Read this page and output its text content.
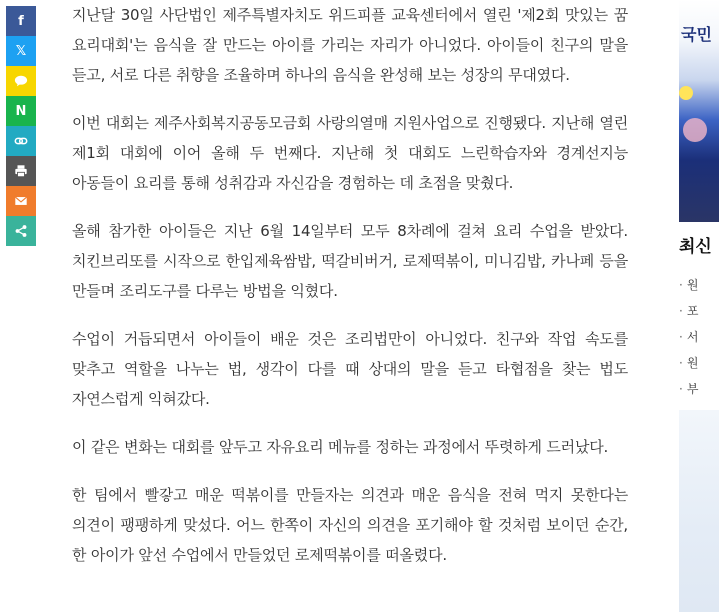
f
𝕏
N

지난달 30일 사단법인 제주특별자치도 위드피플 교육센터에서 열린 '제2회 맛있는 꿈 요리대회'는 음식을 잘 만드는 아이를 가리는 자리가 아니었다. 아이들이 친구의 말을 듣고, 서로 다른 취향을 조율하며 하나의 음식을 완성해 보는 성장의 무대였다.

이번 대회는 제주사회복지공동모금회 사랑의열매 지원사업으로 진행됐다. 지난해 열린 제1회 대회에 이어 올해 두 번째다. 지난해 첫 대회도 느린학습자와 경계선지능 아동들이 요리를 통해 성취감과 자신감을 경험하는 데 초점을 맞췄다.

올해 참가한 아이들은 지난 6월 14일부터 모두 8차례에 걸쳐 요리 수업을 받았다. 치킨브리또를 시작으로 한입제육쌈밥, 떡갈비버거, 로제떡볶이, 미니김밥, 카나페 등을 만들며 조리도구를 다루는 방법을 익혔다.

수업이 거듭되면서 아이들이 배운 것은 조리법만이 아니었다. 친구와 작업 속도를 맞추고 역할을 나누는 법, 생각이 다를 때 상대의 말을 듣고 타협점을 찾는 법도 자연스럽게 익혀갔다.

이 같은 변화는 대회를 앞두고 자유요리 메뉴를 정하는 과정에서 뚜렷하게 드러났다.

한 팀에서 빨갛고 매운 떡볶이를 만들자는 의견과 매운 음식을 전혀 먹지 못한다는 의견이 팽팽하게 맞섰다. 어느 한쪽이 자신의 의견을 포기해야 할 것처럼 보이던 순간, 한 아이가 앞선 수업에서 만들었던 로제떡볶이를 떠올렸다.

국민
최신
· 원
· 포
· 서
· 원
· 부
